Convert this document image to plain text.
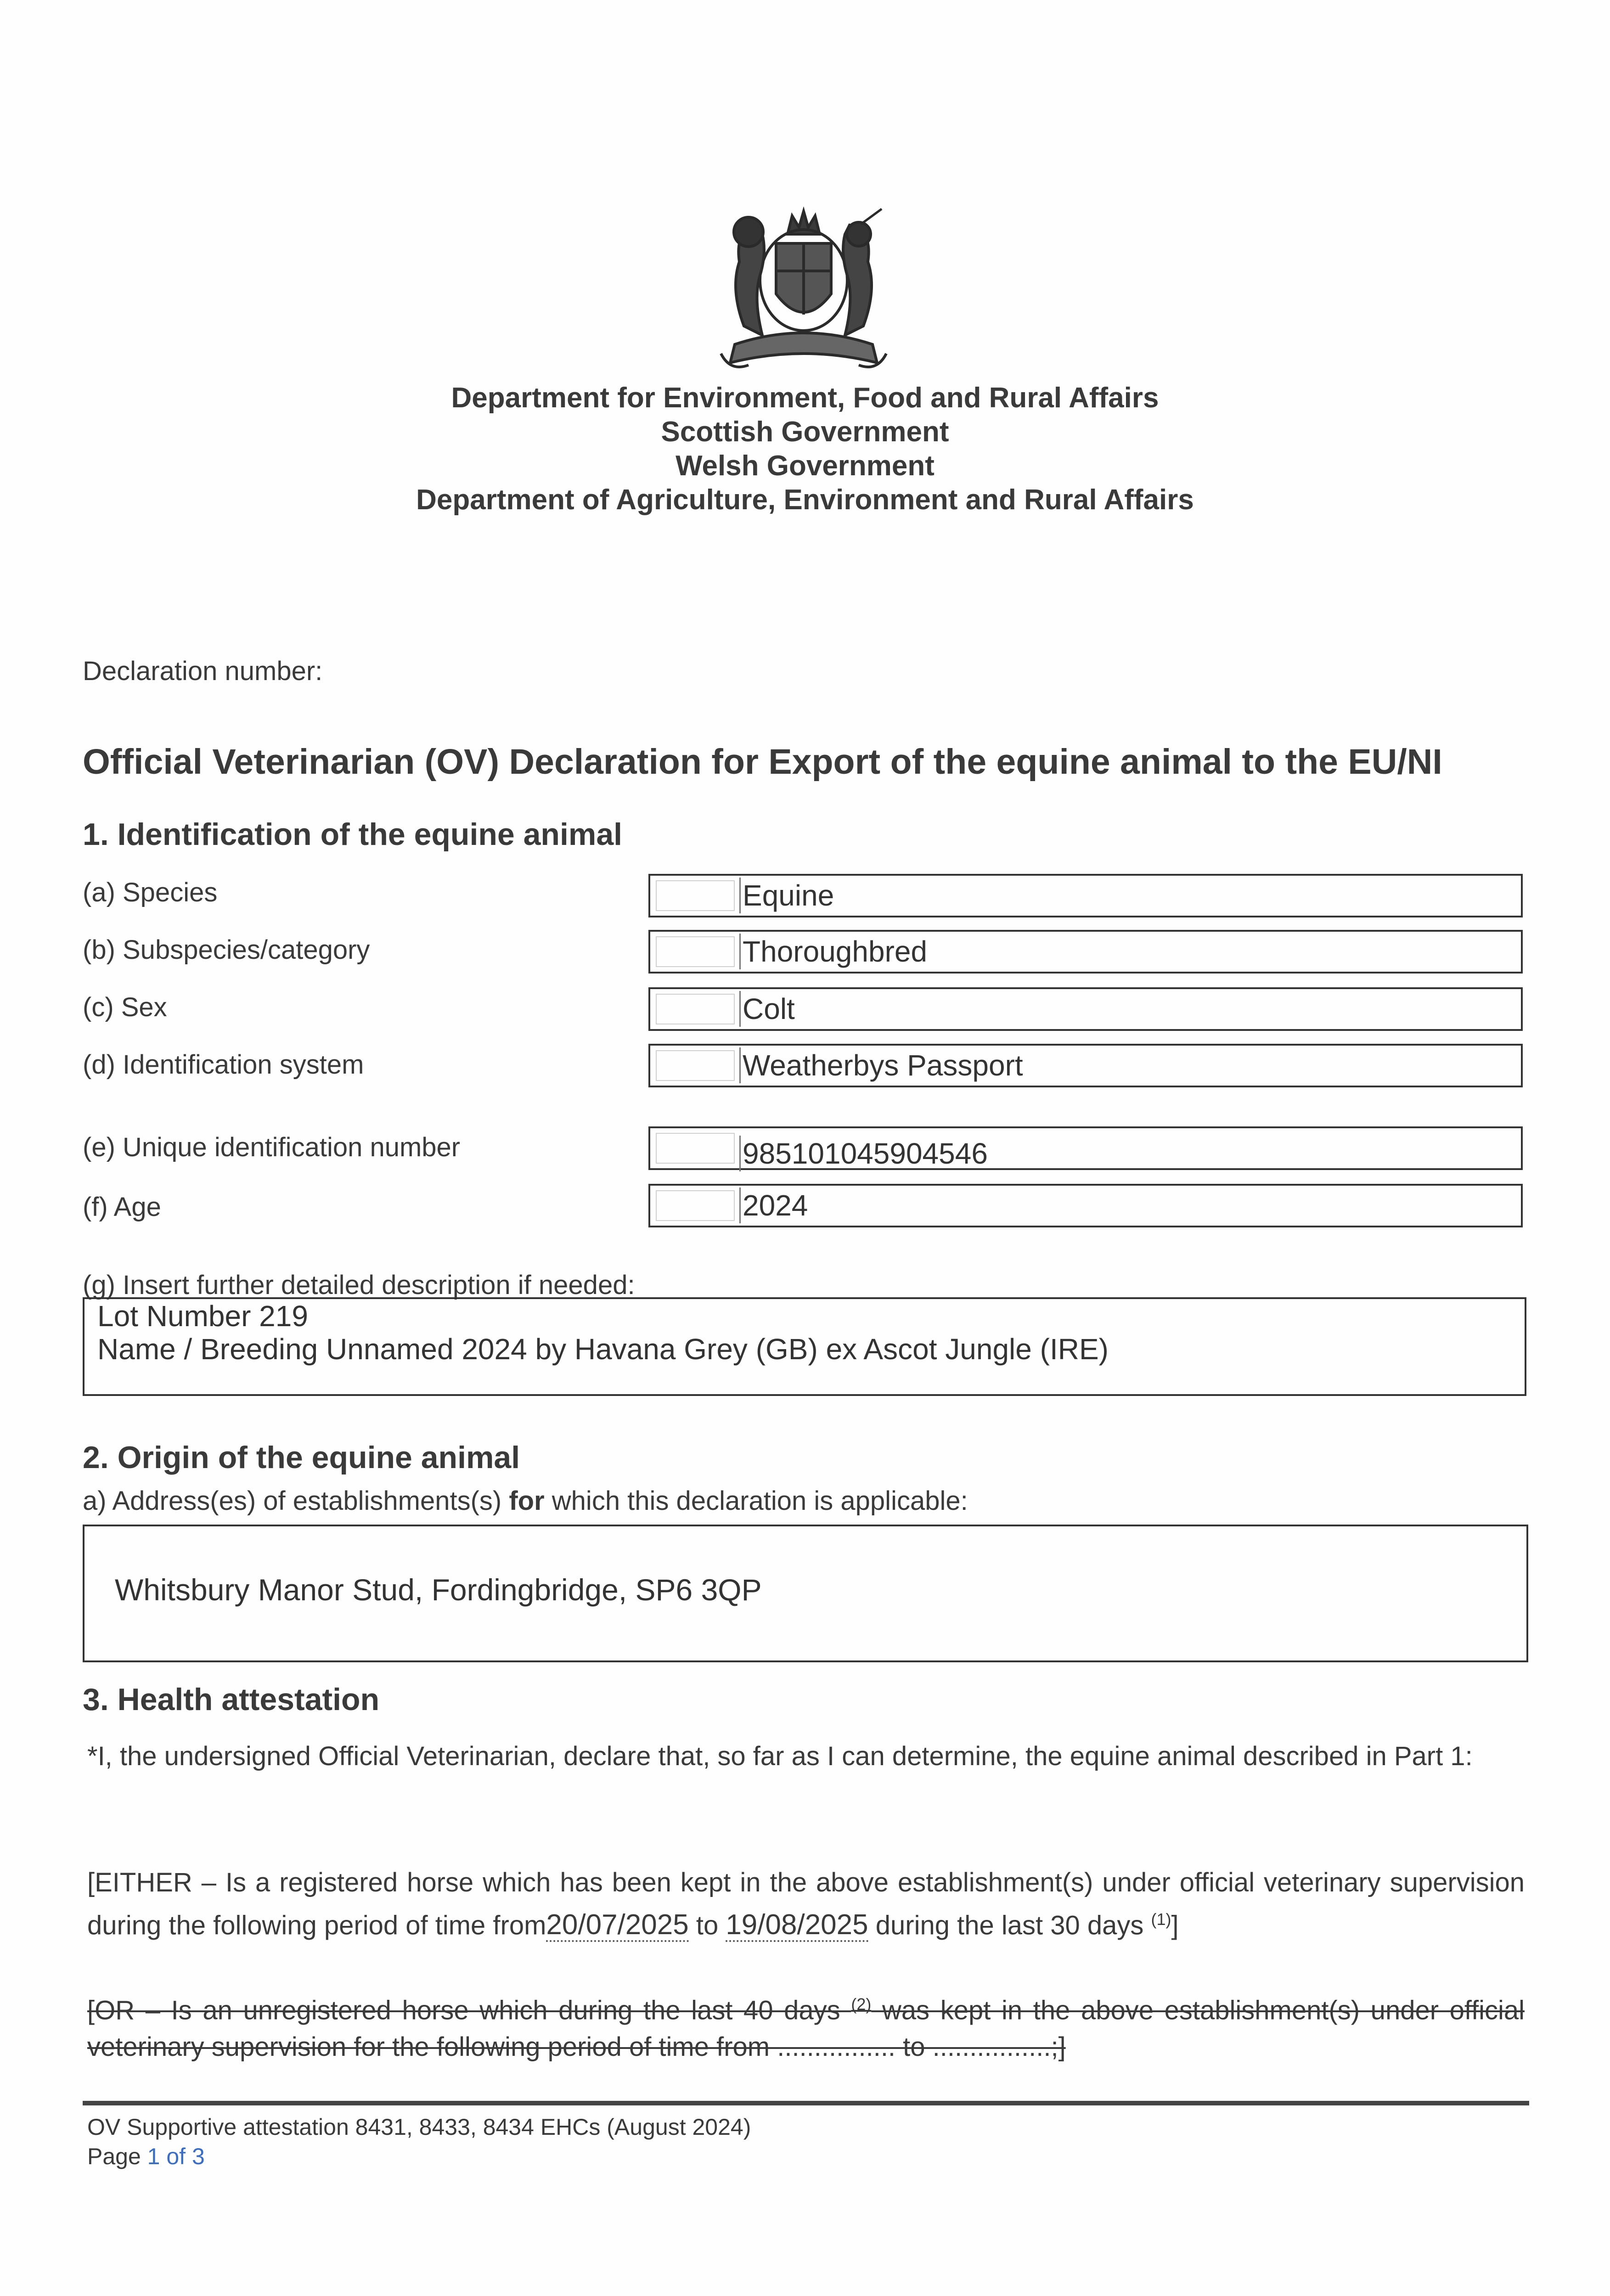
Department for Environment, Food and Rural Affairs
Scottish Government
Welsh Government
Department of Agriculture, Environment and Rural Affairs
Declaration number:
Official Veterinarian (OV) Declaration for Export of the equine animal to the EU/NI
1. Identification of the equine animal
(a) Species	Equine
(b) Subspecies/category	Thoroughbred
(c) Sex	Colt
(d) Identification system	Weatherbys Passport
(e) Unique identification number	985101045904546
(f) Age	2024
(g) Insert further detailed description if needed:
Lot Number 219
Name / Breeding Unnamed 2024 by Havana Grey (GB) ex Ascot Jungle (IRE)
2. Origin of the equine animal
a) Address(es) of establishments(s) for which this declaration is applicable:
Whitsbury Manor Stud, Fordingbridge, SP6 3QP
3. Health attestation
*I, the undersigned Official Veterinarian, declare that, so far as I can determine, the equine animal described in Part 1:
[EITHER – Is a registered horse which has been kept in the above establishment(s) under official veterinary supervision during the following period of time from20/07/2025 to 19/08/2025 during the last 30 days $^{(1)}$]
[OR – Is an unregistered horse which during the last 40 days $^{(2)}$ was kept in the above establishment(s) under official veterinary supervision for the following period of time from ................ to ................;]
OV Supportive attestation 8431, 8433, 8434 EHCs (August 2024)
Page 1 of 3
